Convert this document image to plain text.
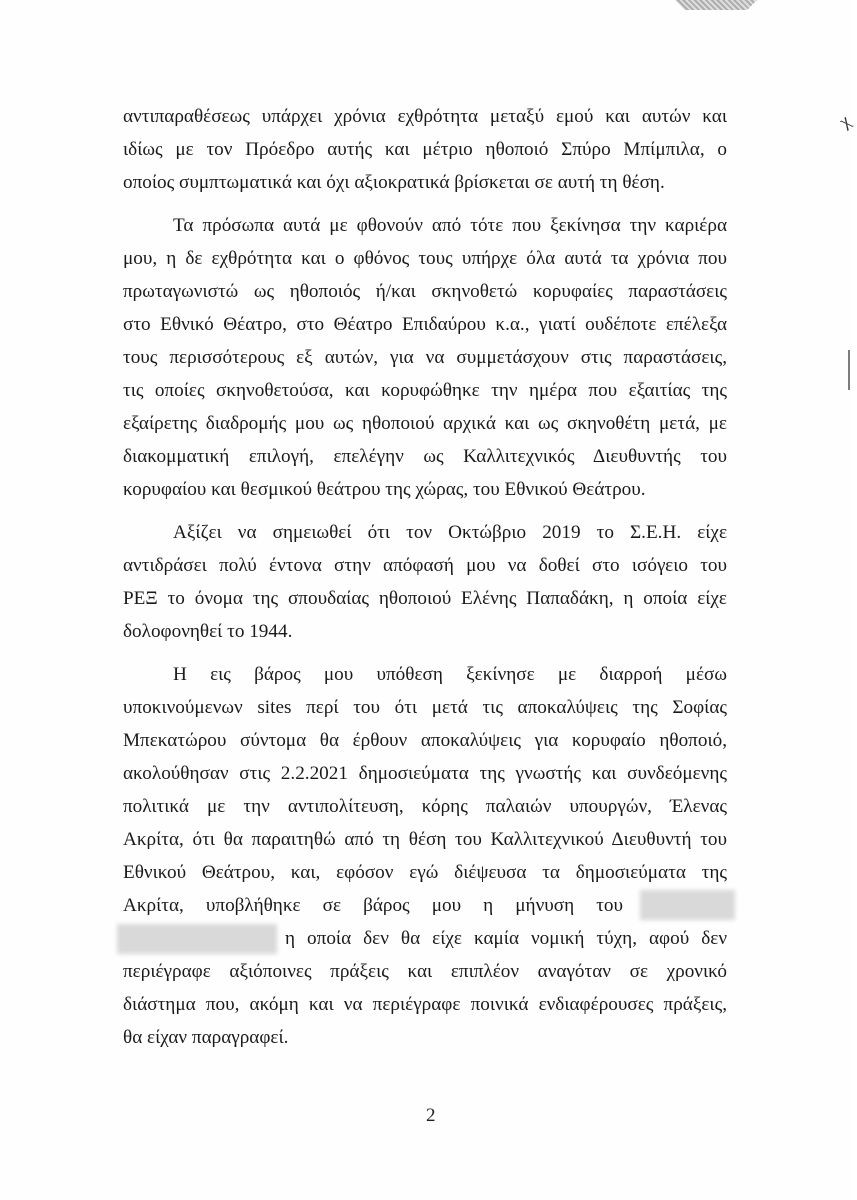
χ
αντιπαραθέσεως υπάρχει χρόνια εχθρότητα μεταξύ εμού και αυτών και
ιδίως με τον Πρόεδρο αυτής και μέτριο ηθοποιό Σπύρο Μπίμπιλα, ο
οποίος συμπτωματικά και όχι αξιοκρατικά βρίσκεται σε αυτή τη θέση.
Τα πρόσωπα αυτά με φθονούν από τότε που ξεκίνησα την καριέρα
μου, η δε εχθρότητα και ο φθόνος τους υπήρχε όλα αυτά τα χρόνια που
πρωταγωνιστώ ως ηθοποιός ή/και σκηνοθετώ κορυφαίες παραστάσεις
στο Εθνικό Θέατρο, στο Θέατρο Επιδαύρου κ.α., γιατί ουδέποτε επέλεξα
τους περισσότερους εξ αυτών, για να συμμετάσχουν στις παραστάσεις,
τις οποίες σκηνοθετούσα, και κορυφώθηκε την ημέρα που εξαιτίας της
εξαίρετης διαδρομής μου ως ηθοποιού αρχικά και ως σκηνοθέτη μετά, με
διακομματική επιλογή, επελέγην ως Καλλιτεχνικός Διευθυντής του
κορυφαίου και θεσμικού θεάτρου της χώρας, του Εθνικού Θεάτρου.
Αξίζει να σημειωθεί ότι τον Οκτώβριο 2019 το Σ.Ε.Η. είχε
αντιδράσει πολύ έντονα στην απόφασή μου να δοθεί στο ισόγειο του
ΡΕΞ το όνομα της σπουδαίας ηθοποιού Ελένης Παπαδάκη, η οποία είχε
δολοφονηθεί το 1944.
Η εις βάρος μου υπόθεση ξεκίνησε με διαρροή μέσω
υποκινούμενων sites περί του ότι μετά τις αποκαλύψεις της Σοφίας
Μπεκατώρου σύντομα θα έρθουν αποκαλύψεις για κορυφαίο ηθοποιό,
ακολούθησαν στις 2.2.2021 δημοσιεύματα της γνωστής και συνδεόμενης
πολιτικά με την αντιπολίτευση, κόρης παλαιών υπουργών, Έλενας
Ακρίτα, ότι θα παραιτηθώ από τη θέση του Καλλιτεχνικού Διευθυντή του
Εθνικού Θεάτρου, και, εφόσον εγώ διέψευσα τα δημοσιεύματα της
Ακρίτα, υποβλήθηκε σε βάρος μου η μήνυση του
η οποία δεν θα είχε καμία νομική τύχη, αφού δεν
περιέγραφε αξιόποινες πράξεις και επιπλέον αναγόταν σε χρονικό
διάστημα που, ακόμη και να περιέγραφε ποινικά ενδιαφέρουσες πράξεις,
θα είχαν παραγραφεί.
2
